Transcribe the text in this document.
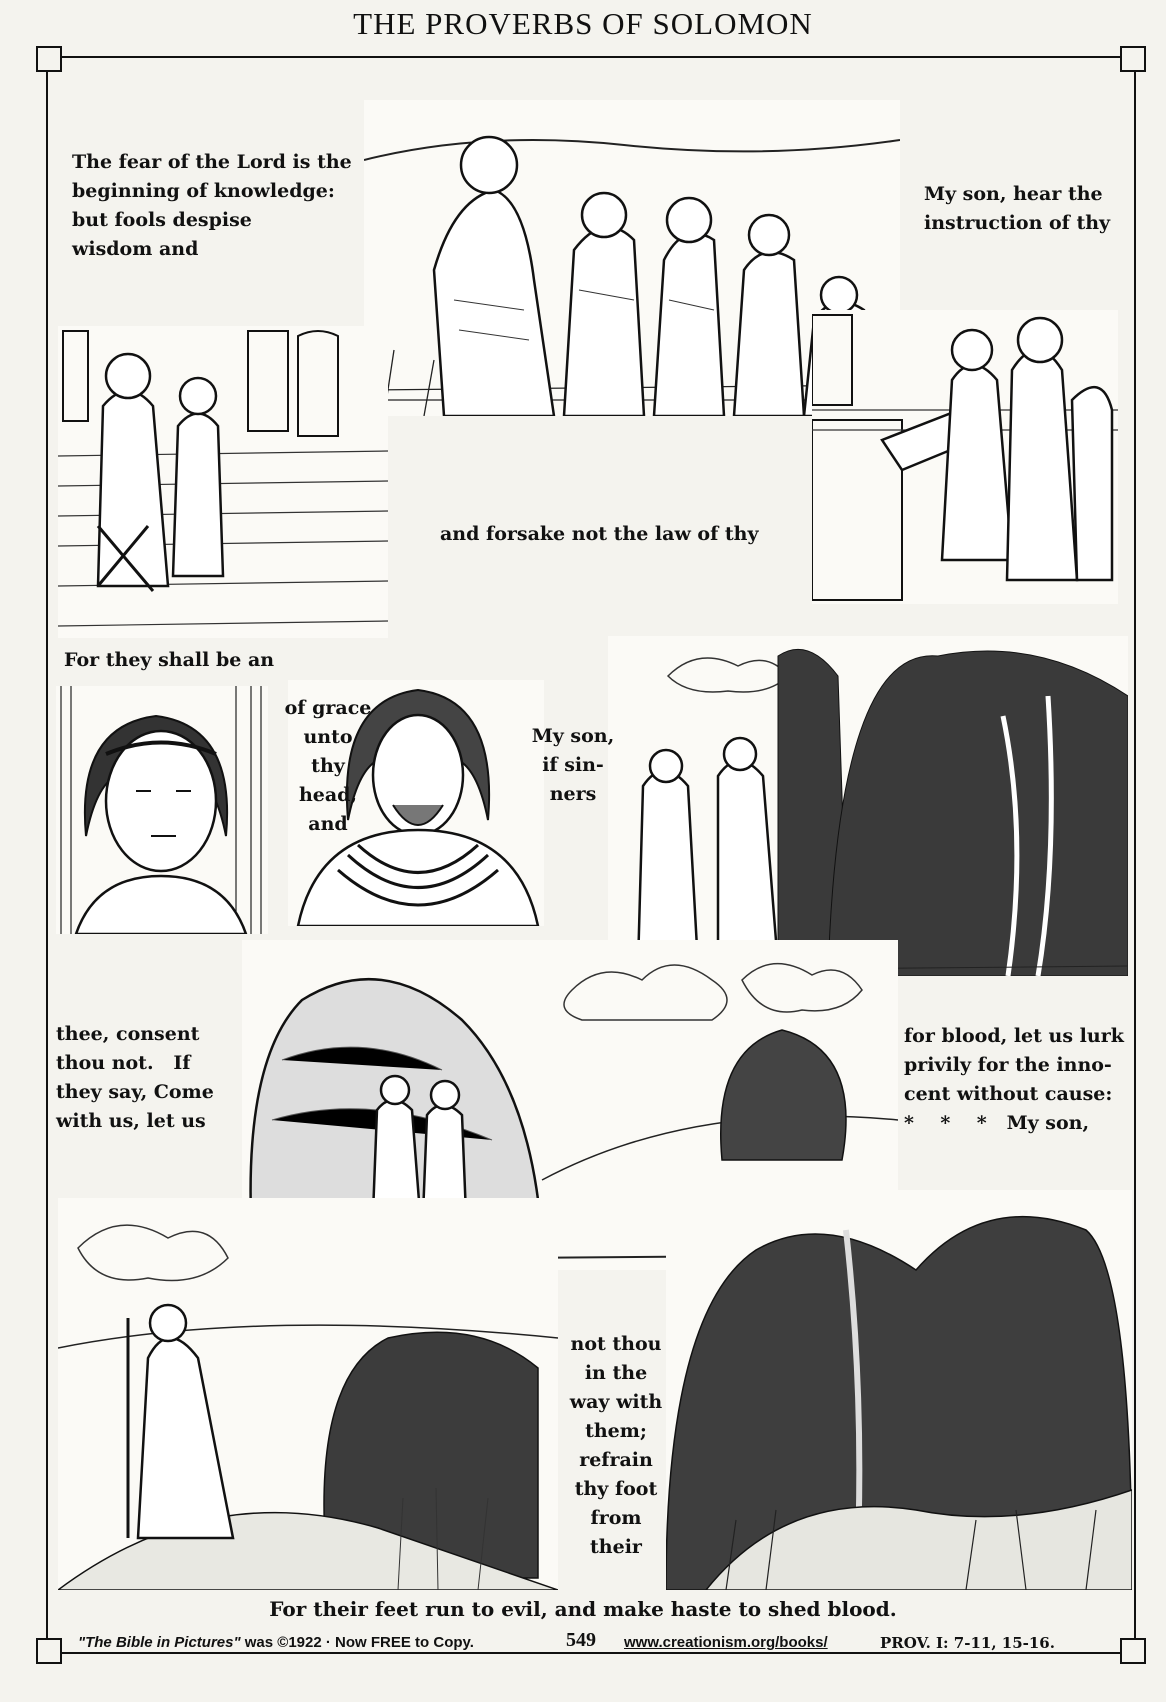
THE PROVERBS OF SOLOMON
The fear of the Lord is the
beginning of knowledge:
but fools despise
wisdom and
My son, hear the
instruction of thy
and forsake not the law of thy
For they shall be an
of grace
unto
thy
head,
and
My son,
if sin-
ners
thee, consent
thou not.   If
they say, Come
with us, let us
for blood, let us lurk
privily for the inno-
cent without cause:
*    *    *   My son,
not thou
in the
way with
them;
refrain
thy foot
from
their
For their feet run to evil, and make haste to shed blood.
"The Bible in Pictures" was ©1922 · Now FREE to Copy.	549 www.creationism.org/books/	PROV. I: 7-11, 15-16.
